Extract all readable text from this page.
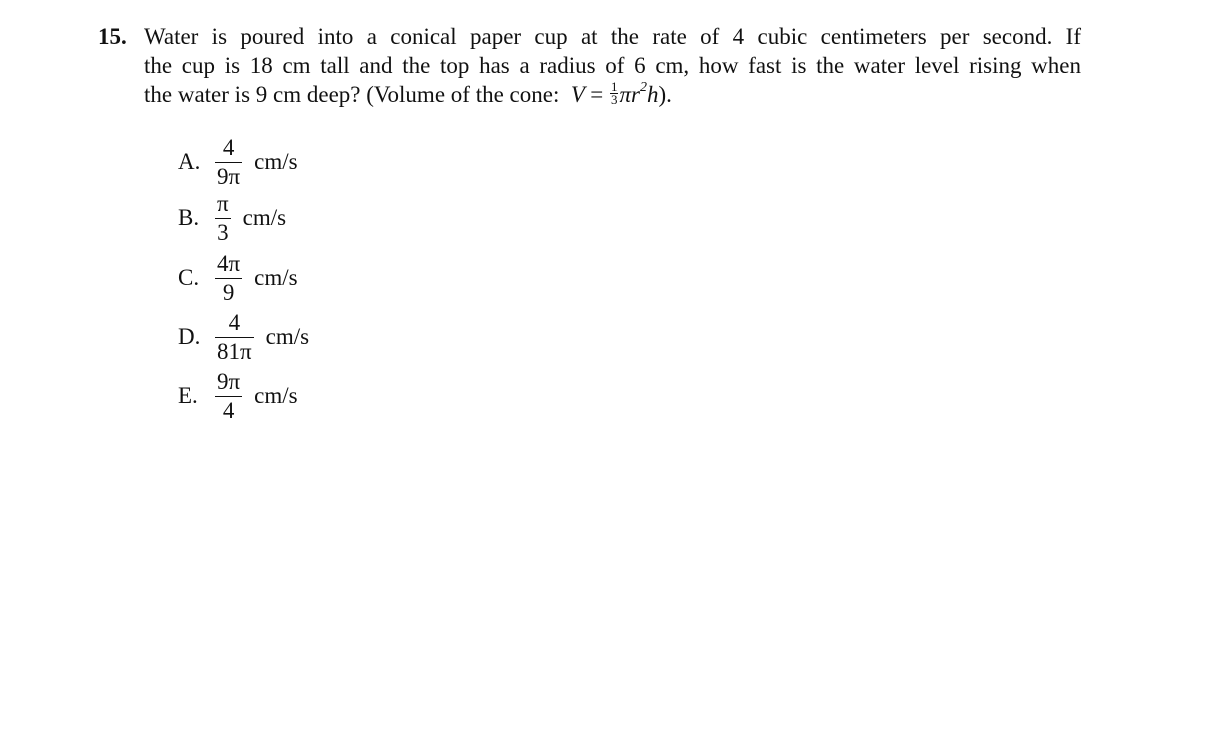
15. Water is poured into a conical paper cup at the rate of 4 cubic centimeters per second. If
the cup is 18 cm tall and the top has a radius of 6 cm, how fast is the water level rising when
the water is 9 cm deep? (Volume of the cone: $V = \frac{1}{3} \pi r^2h$).
A. $\frac{4}{9\pi} cm/s$
B. $\frac{\pi}{3} cm/s$
C. $\frac{4\pi}{9} cm/s$
D. $\frac{4}{81\pi} cm/s$
E. $\frac{9\pi}{4} cm/s$
